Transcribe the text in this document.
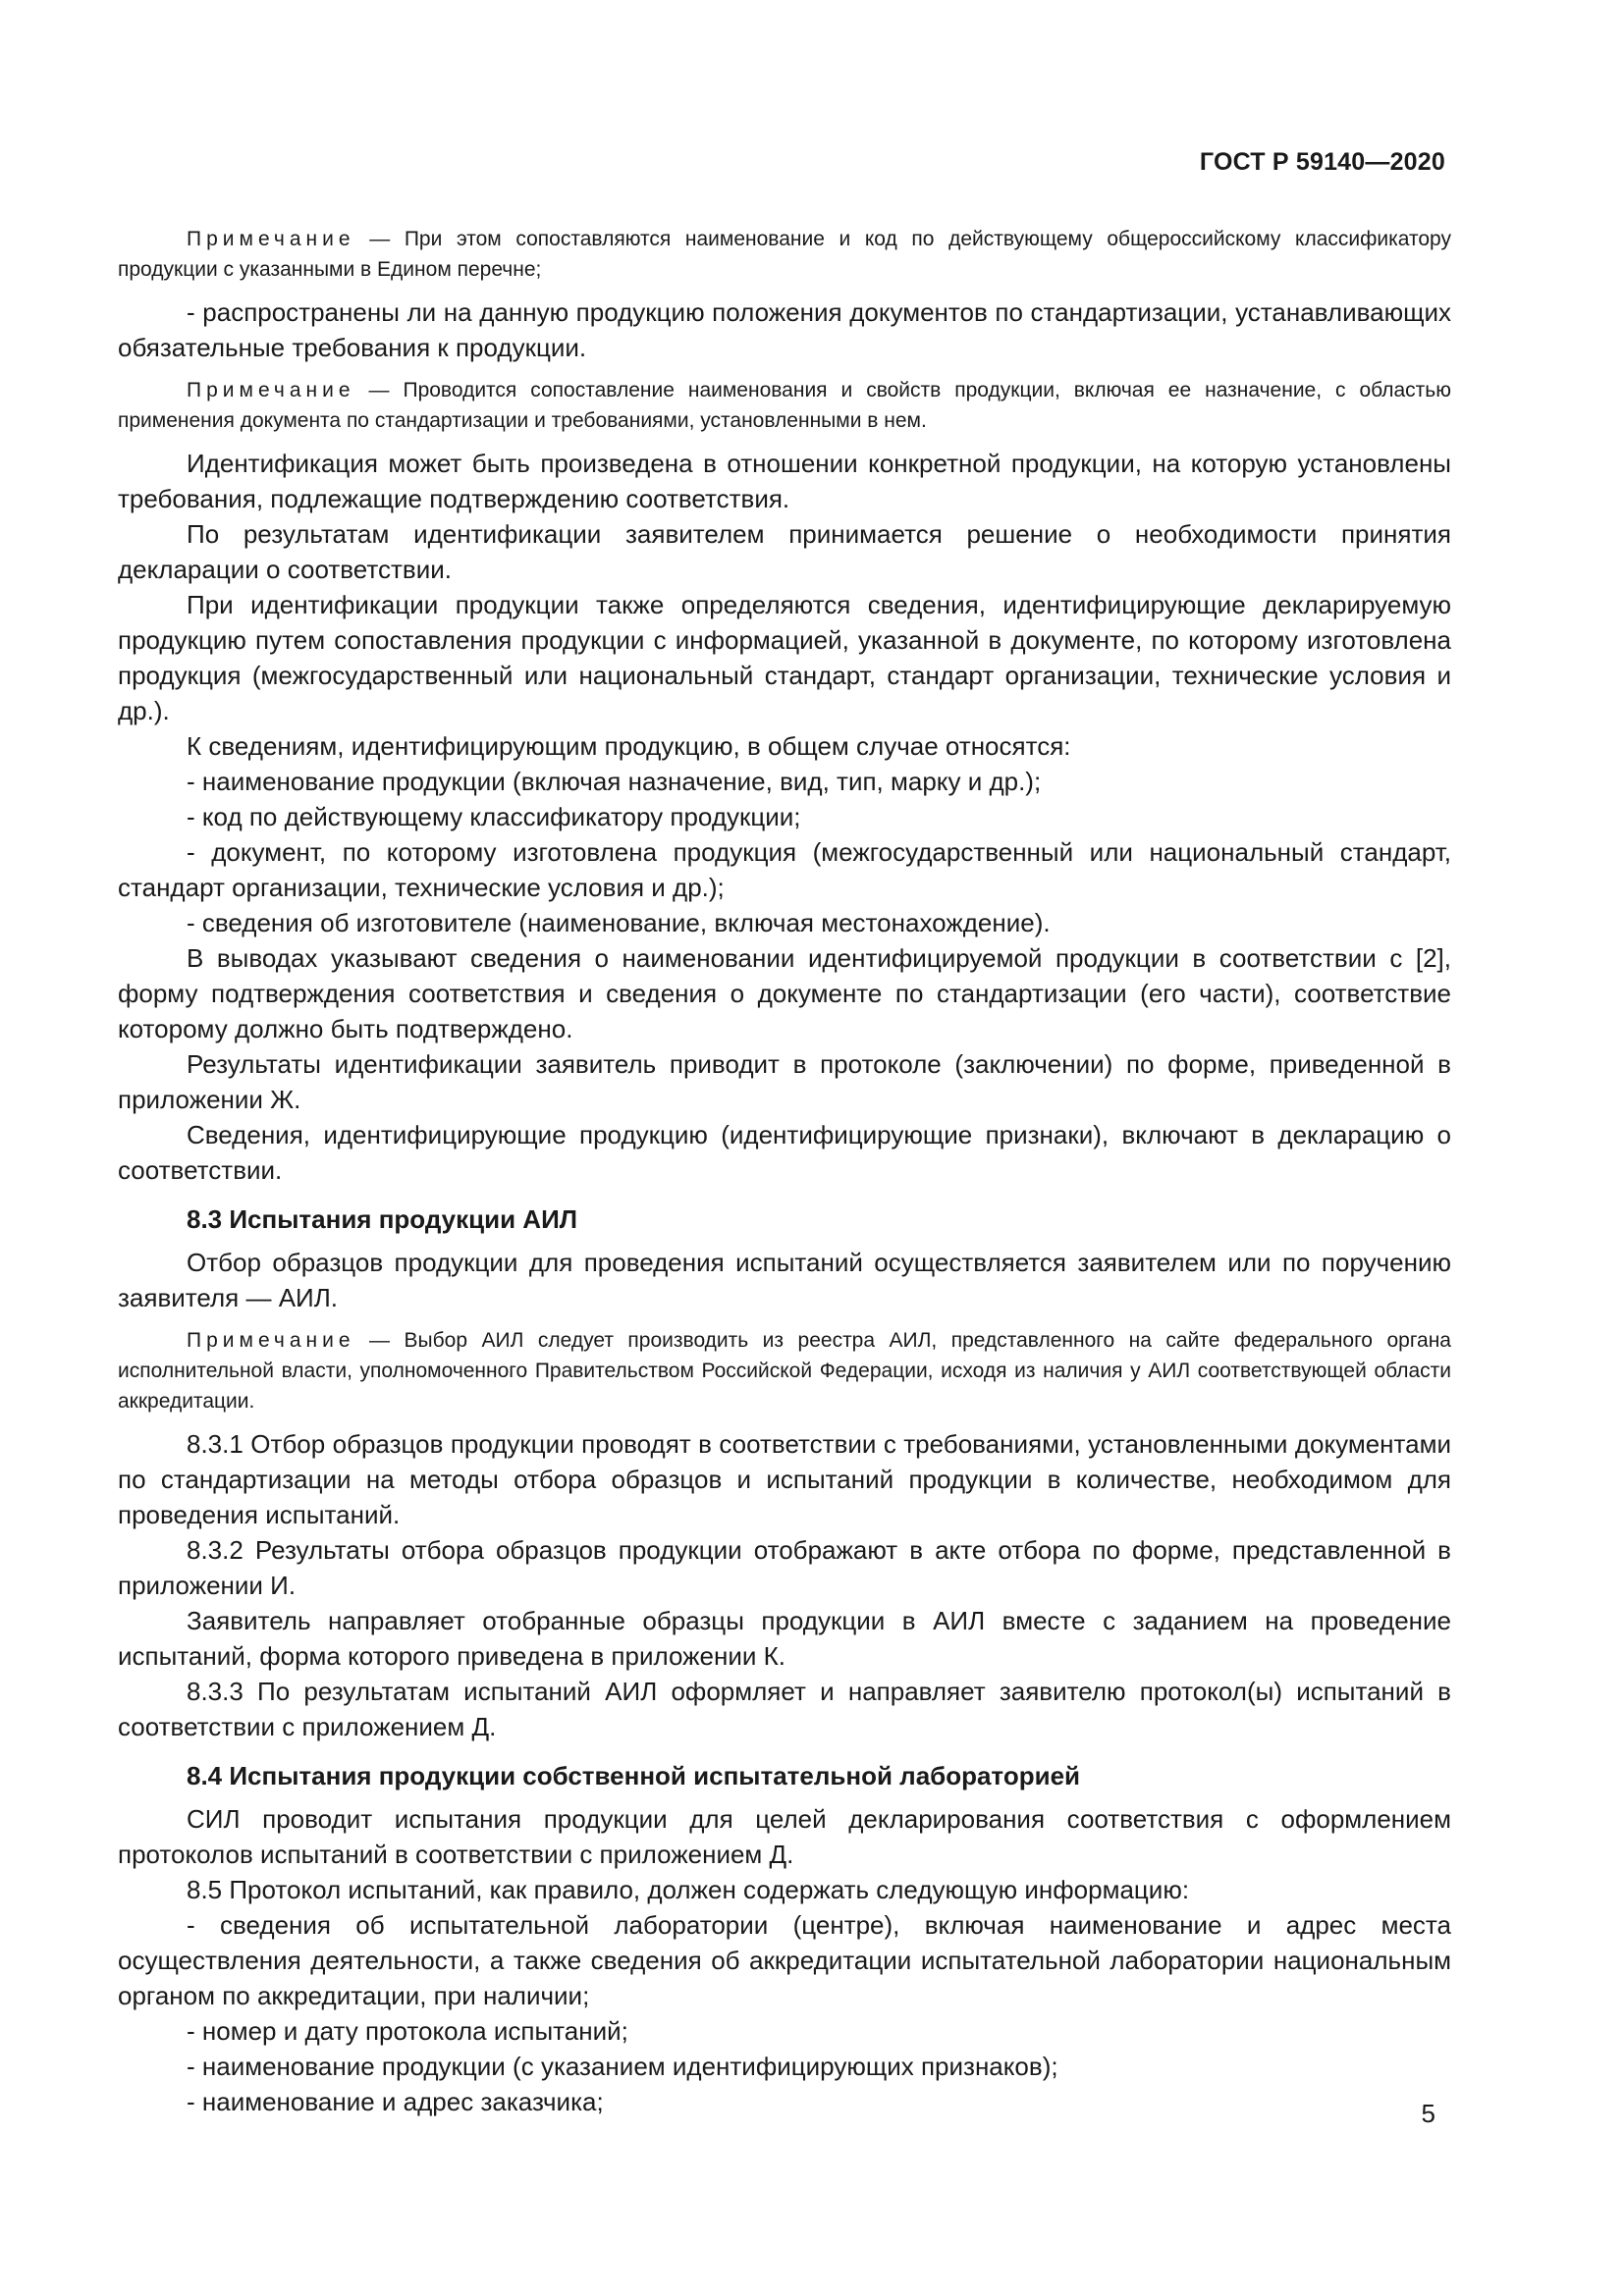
ГОСТ Р 59140—2020

Примечание — При этом сопоставляются наименование и код по действующему общероссийскому классификатору продукции с указанными в Едином перечне;

- распространены ли на данную продукцию положения документов по стандартизации, устанавливающих обязательные требования к продукции.

Примечание — Проводится сопоставление наименования и свойств продукции, включая ее назначение, с областью применения документа по стандартизации и требованиями, установленными в нем.

Идентификация может быть произведена в отношении конкретной продукции, на которую установлены требования, подлежащие подтверждению соответствия.

По результатам идентификации заявителем принимается решение о необходимости принятия декларации о соответствии.

При идентификации продукции также определяются сведения, идентифицирующие декларируемую продукцию путем сопоставления продукции с информацией, указанной в документе, по которому изготовлена продукция (межгосударственный или национальный стандарт, стандарт организации, технические условия и др.).

К сведениям, идентифицирующим продукцию, в общем случае относятся:

- наименование продукции (включая назначение, вид, тип, марку и др.);

- код по действующему классификатору продукции;

- документ, по которому изготовлена продукция (межгосударственный или национальный стандарт, стандарт организации, технические условия и др.);

- сведения об изготовителе (наименование, включая местонахождение).

В выводах указывают сведения о наименовании идентифицируемой продукции в соответствии с [2], форму подтверждения соответствия и сведения о документе по стандартизации (его части), соответствие которому должно быть подтверждено.

Результаты идентификации заявитель приводит в протоколе (заключении) по форме, приведенной в приложении Ж.

Сведения, идентифицирующие продукцию (идентифицирующие признаки), включают в декларацию о соответствии.

8.3 Испытания продукции АИЛ

Отбор образцов продукции для проведения испытаний осуществляется заявителем или по поручению заявителя — АИЛ.

Примечание — Выбор АИЛ следует производить из реестра АИЛ, представленного на сайте федерального органа исполнительной власти, уполномоченного Правительством Российской Федерации, исходя из наличия у АИЛ соответствующей области аккредитации.

8.3.1 Отбор образцов продукции проводят в соответствии с требованиями, установленными документами по стандартизации на методы отбора образцов и испытаний продукции в количестве, необходимом для проведения испытаний.

8.3.2 Результаты отбора образцов продукции отображают в акте отбора по форме, представленной в приложении И.

Заявитель направляет отобранные образцы продукции в АИЛ вместе с заданием на проведение испытаний, форма которого приведена в приложении К.

8.3.3 По результатам испытаний АИЛ оформляет и направляет заявителю протокол(ы) испытаний в соответствии с приложением Д.

8.4 Испытания продукции собственной испытательной лабораторией

СИЛ проводит испытания продукции для целей декларирования соответствия с оформлением протоколов испытаний в соответствии с приложением Д.

8.5 Протокол испытаний, как правило, должен содержать следующую информацию:

- сведения об испытательной лаборатории (центре), включая наименование и адрес места осуществления деятельности, а также сведения об аккредитации испытательной лаборатории национальным органом по аккредитации, при наличии;

- номер и дату протокола испытаний;

- наименование продукции (с указанием идентифицирующих признаков);

- наименование и адрес заказчика;	5
